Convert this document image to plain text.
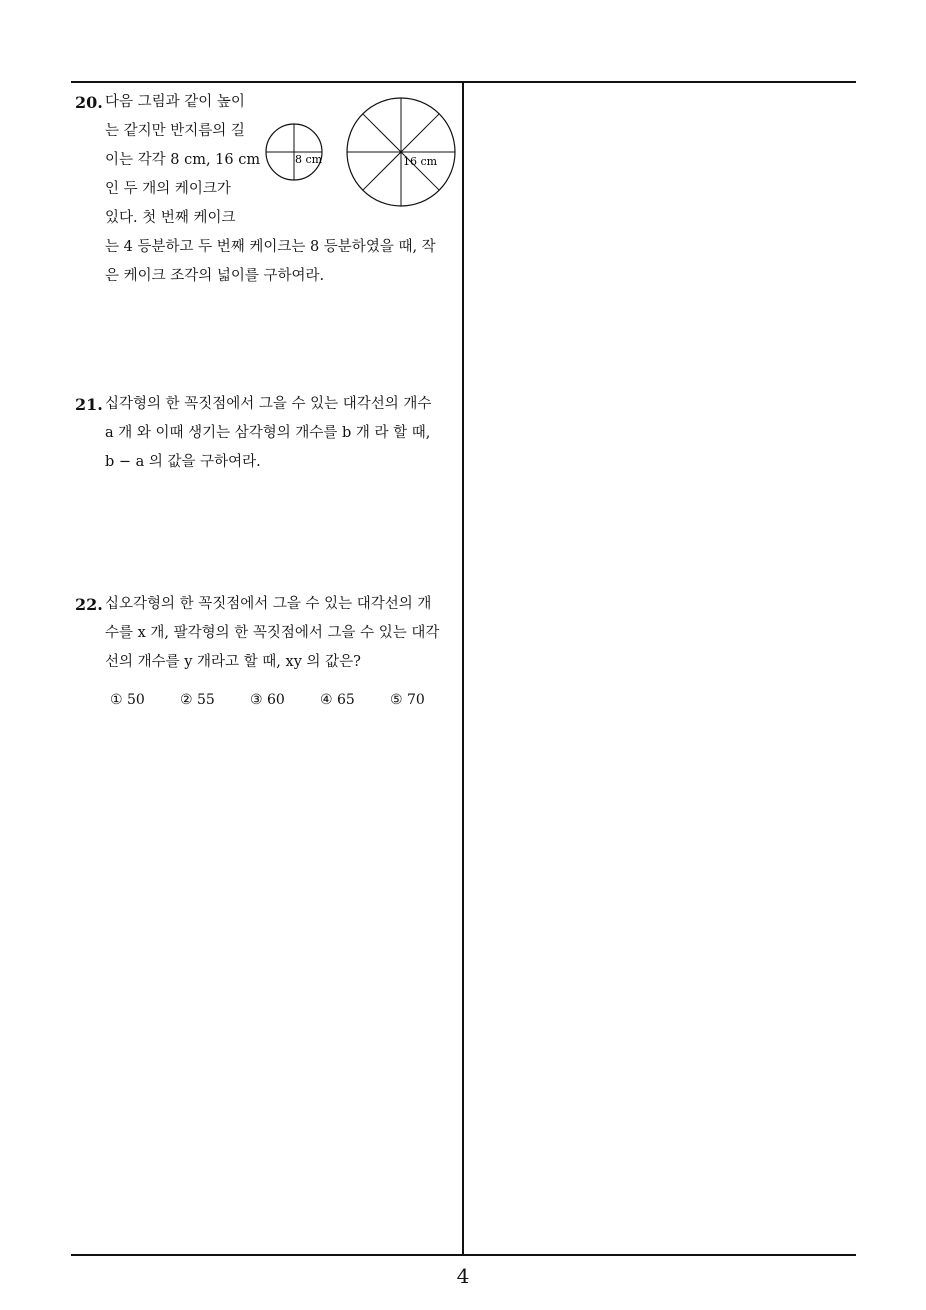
20. 다음 그림과 같이 높이
는 같지만 반지름의 길
이는 각각 8 cm, 16 cm
인 두 개의 케이크가
있다. 첫 번째 케이크
는 4 등분하고 두 번째 케이크는 8 등분하였을 때, 작
은 케이크 조각의 넓이를 구하여라.
8 cm	16 cm
21. 십각형의 한 꼭짓점에서 그을 수 있는 대각선의 개수
a 개 와 이때 생기는 삼각형의 개수를 b 개 라 할 때,
b − a 의 값을 구하여라.
22. 십오각형의 한 꼭짓점에서 그을 수 있는 대각선의 개
수를 x 개, 팔각형의 한 꼭짓점에서 그을 수 있는 대각
선의 개수를 y 개라고 할 때, xy 의 값은?
① 50	② 55	③ 60	④ 65	⑤ 70
4
